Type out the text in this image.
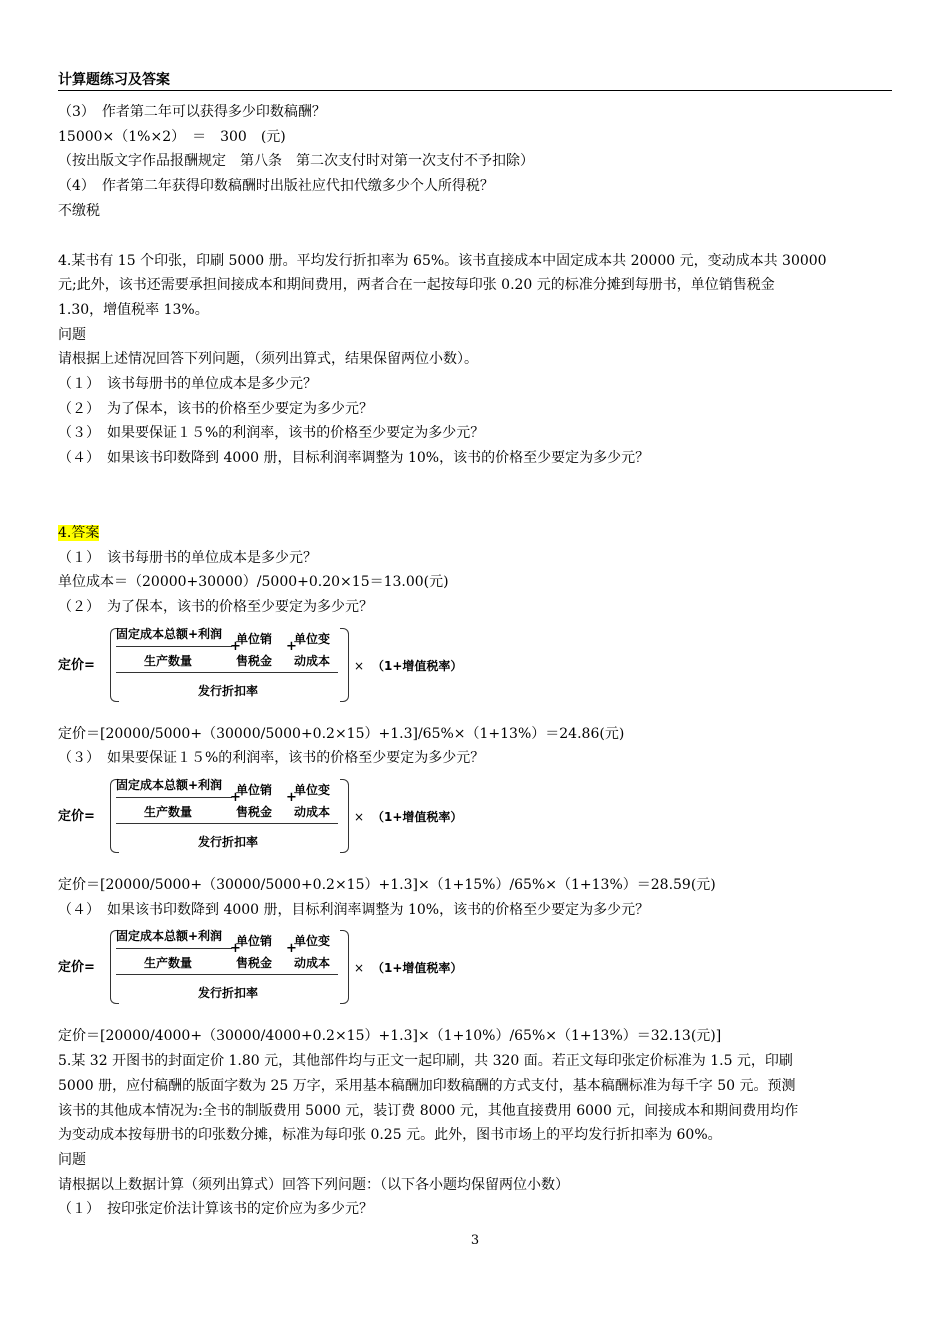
计算题练习及答案

（3）　作者第二年可以获得多少印数稿酬？

15000×（1%×2）　＝　300　(元)

（按出版文字作品报酬规定　第八条　第二次支付时对第一次支付不予扣除）

（4）　作者第二年获得印数稿酬时出版社应代扣代缴多少个人所得税？

不缴税

4.某书有 15 个印张，印刷 5000 册。平均发行折扣率为 65%。该书直接成本中固定成本共 20000 元，变动成本共 30000

元;此外，该书还需要承担间接成本和期间费用，两者合在一起按每印张 0.20 元的标准分摊到每册书，单位销售税金

1.30，增值税率 13%。

问题

请根据上述情况回答下列问题，（须列出算式，结果保留两位小数）。

（１）　该书每册书的单位成本是多少元？

（２）　为了保本，该书的价格至少要定为多少元？

（３）　如果要保证１５%的利润率，该书的价格至少要定为多少元？

（４）　如果该书印数降到 4000 册，目标利润率调整为 10%，该书的价格至少要定为多少元？

4.答案

（１）　该书每册书的单位成本是多少元？

单位成本＝（20000+30000）/5000+0.20×15＝13.00(元)

（２）　为了保本，该书的价格至少要定为多少元？

定价=
固定成本总额+利润
生产数量
+
单位销
售税金
+
单位变
动成本
发行折扣率
× （1+增值税率）

定价＝[20000/5000+（30000/5000+0.2×15）+1.3]/65%×（1+13%）＝24.86(元)

（３）　如果要保证１５%的利润率，该书的价格至少要定为多少元？

定价=
固定成本总额+利润
生产数量
+
单位销
售税金
+
单位变
动成本
发行折扣率
× （1+增值税率）

定价＝[20000/5000+（30000/5000+0.2×15）+1.3]×（1+15%）/65%×（1+13%）＝28.59(元)

（４）　如果该书印数降到 4000 册，目标利润率调整为 10%，该书的价格至少要定为多少元？

定价=
固定成本总额+利润
生产数量
+
单位销
售税金
+
单位变
动成本
发行折扣率
× （1+增值税率）

定价＝[20000/4000+（30000/4000+0.2×15）+1.3]×（1+10%）/65%×（1+13%）＝32.13(元)]

5.某 32 开图书的封面定价 1.80 元，其他部件均与正文一起印刷，共 320 面。若正文每印张定价标准为 1.5 元，印刷

5000 册，应付稿酬的版面字数为 25 万字，采用基本稿酬加印数稿酬的方式支付，基本稿酬标准为每千字 50 元。预测

该书的其他成本情况为:全书的制版费用 5000 元，装订费 8000 元，其他直接费用 6000 元，间接成本和期间费用均作

为变动成本按每册书的印张数分摊，标准为每印张 0.25 元。此外，图书市场上的平均发行折扣率为 60%。

问题

请根据以上数据计算（须列出算式）回答下列问题：（以下各小题均保留两位小数）

（１）　按印张定价法计算该书的定价应为多少元？

3
